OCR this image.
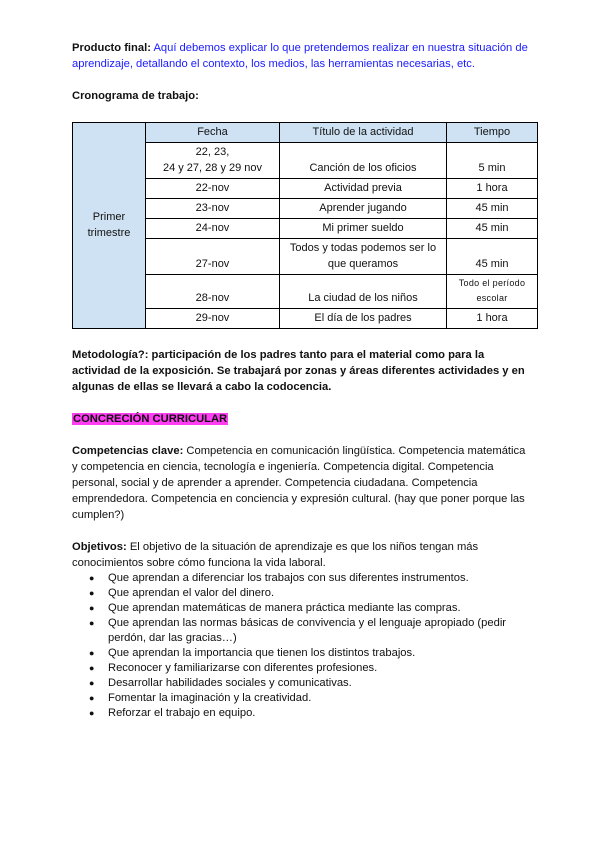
Producto final: Aquí debemos explicar lo que pretendemos realizar en nuestra situación de aprendizaje, detallando el contexto, los medios, las herramientas necesarias, etc.

Cronograma de trabajo:

Primer trimestre	Fecha	Título de la actividad	Tiempo
	22, 23,
24 y 27, 28 y 29 nov	Canción de los oficios	5 min
	22-nov	Actividad previa	1 hora
	23-nov	Aprender jugando	45 min
	24-nov	Mi primer sueldo	45 min
	27-nov	Todos y todas podemos ser lo que queramos	45 min
	28-nov	La ciudad de los niños	Todo el período escolar
	29-nov	El día de los padres	1 hora

Metodología?: participación de los padres tanto para el material como para la actividad de la exposición. Se trabajará por zonas y áreas diferentes actividades y en algunas de ellas se llevará a cabo la codocencia.

CONCRECIÓN CURRICULAR

Competencias clave: Competencia en comunicación lingüística. Competencia matemática y competencia en ciencia, tecnología e ingeniería. Competencia digital. Competencia personal, social y de aprender a aprender. Competencia ciudadana. Competencia emprendedora. Competencia en conciencia y expresión cultural. (hay que poner porque las cumplen?)

Objetivos: El objetivo de la situación de aprendizaje es que los niños tengan más conocimientos sobre cómo funciona la vida laboral.

● Que aprendan a diferenciar los trabajos con sus diferentes instrumentos.
● Que aprendan el valor del dinero.
● Que aprendan matemáticas de manera práctica mediante las compras.
● Que aprendan las normas básicas de convivencia y el lenguaje apropiado (pedir perdón, dar las gracias…)
● Que aprendan la importancia que tienen los distintos trabajos.
● Reconocer y familiarizarse con diferentes profesiones.
● Desarrollar habilidades sociales y comunicativas.
● Fomentar la imaginación y la creatividad.
● Reforzar el trabajo en equipo.
